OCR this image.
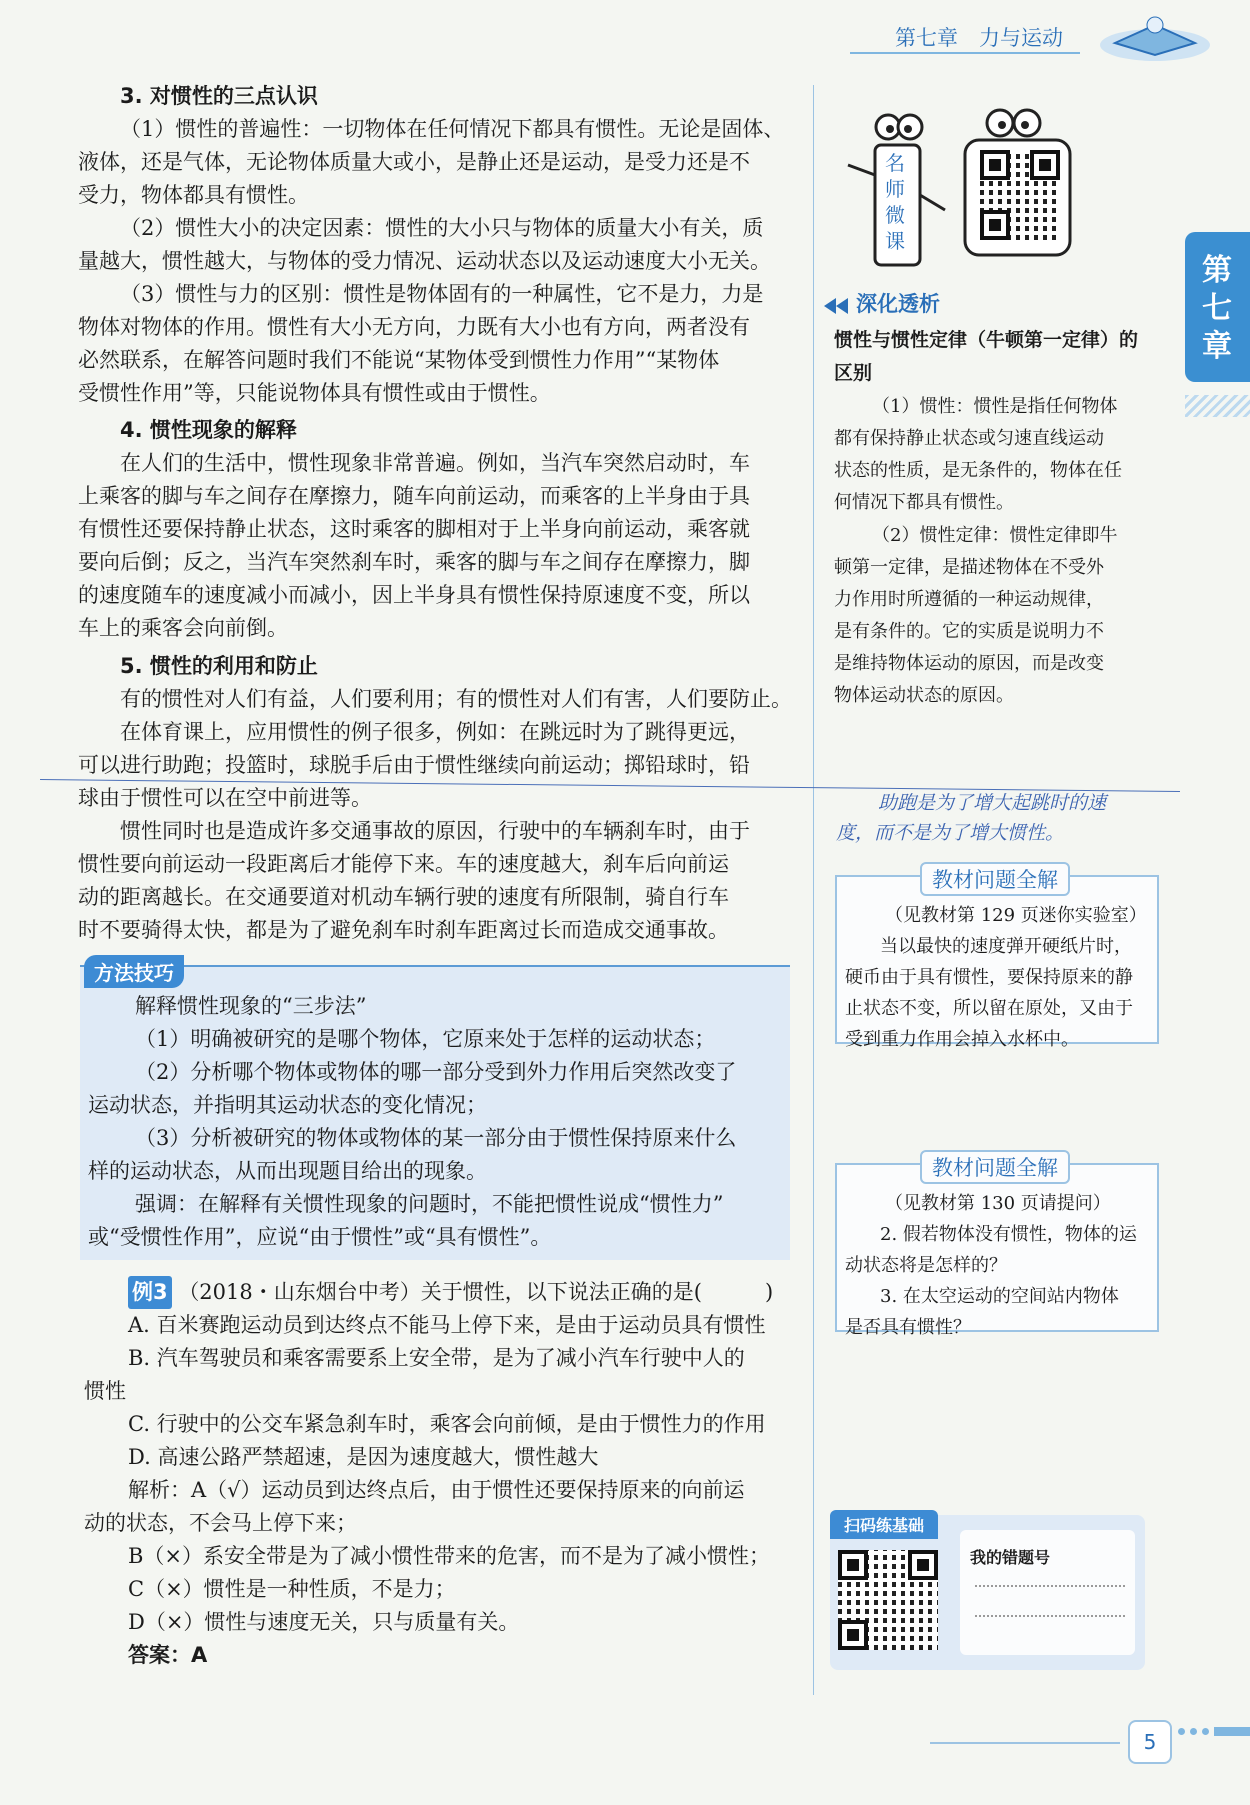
第七章　力与运动
第
七
章
3. 对惯性的三点认识
（1）惯性的普遍性：一切物体在任何情况下都具有惯性。无论是固体、
液体，还是气体，无论物体质量大或小，是静止还是运动，是受力还是不
受力，物体都具有惯性。
（2）惯性大小的决定因素：惯性的大小只与物体的质量大小有关，质
量越大，惯性越大，与物体的受力情况、运动状态以及运动速度大小无关。
（3）惯性与力的区别：惯性是物体固有的一种属性，它不是力，力是
物体对物体的作用。惯性有大小无方向，力既有大小也有方向，两者没有
必然联系，在解答问题时我们不能说“某物体受到惯性力作用”“某物体
受惯性作用”等，只能说物体具有惯性或由于惯性。
4. 惯性现象的解释
在人们的生活中，惯性现象非常普遍。例如，当汽车突然启动时，车
上乘客的脚与车之间存在摩擦力，随车向前运动，而乘客的上半身由于具
有惯性还要保持静止状态，这时乘客的脚相对于上半身向前运动，乘客就
要向后倒；反之，当汽车突然刹车时，乘客的脚与车之间存在摩擦力，脚
的速度随车的速度减小而减小，因上半身具有惯性保持原速度不变，所以
车上的乘客会向前倒。
5. 惯性的利用和防止
有的惯性对人们有益，人们要利用；有的惯性对人们有害，人们要防止。
在体育课上，应用惯性的例子很多，例如：在跳远时为了跳得更远，
可以进行助跑；投篮时，球脱手后由于惯性继续向前运动；掷铅球时，铅
球由于惯性可以在空中前进等。
惯性同时也是造成许多交通事故的原因，行驶中的车辆刹车时，由于
惯性要向前运动一段距离后才能停下来。车的速度越大，刹车后向前运
动的距离越长。在交通要道对机动车辆行驶的速度有所限制，骑自行车
时不要骑得太快，都是为了避免刹车时刹车距离过长而造成交通事故。
方法技巧
解释惯性现象的“三步法”
（1）明确被研究的是哪个物体，它原来处于怎样的运动状态；
（2）分析哪个物体或物体的哪一部分受到外力作用后突然改变了
运动状态，并指明其运动状态的变化情况；
（3）分析被研究的物体或物体的某一部分由于惯性保持原来什么
样的运动状态，从而出现题目给出的现象。
强调：在解释有关惯性现象的问题时，不能把惯性说成“惯性力”
或“受惯性作用”，应说“由于惯性”或“具有惯性”。
例3 （2018・山东烟台中考）关于惯性，以下说法正确的是(　　　)
A. 百米赛跑运动员到达终点不能马上停下来，是由于运动员具有惯性
B. 汽车驾驶员和乘客需要系上安全带，是为了减小汽车行驶中人的
惯性
C. 行驶中的公交车紧急刹车时，乘客会向前倾，是由于惯性力的作用
D. 高速公路严禁超速，是因为速度越大，惯性越大
解析：A（√）运动员到达终点后，由于惯性还要保持原来的向前运
动的状态，不会马上停下来；
B（×）系安全带是为了减小惯性带来的危害，而不是为了减小惯性；
C（×）惯性是一种性质，不是力；
D（×）惯性与速度无关，只与质量有关。
答案：A
名
师
微
课
深化透析
惯性与惯性定律（牛顿第一定律）的
区别
（1）惯性：惯性是指任何物体
都有保持静止状态或匀速直线运动
状态的性质，是无条件的，物体在任
何情况下都具有惯性。
（2）惯性定律：惯性定律即牛
顿第一定律，是描述物体在不受外
力作用时所遵循的一种运动规律，
是有条件的。它的实质是说明力不
是维持物体运动的原因，而是改变
物体运动状态的原因。
助跑是为了增大起跳时的速
度，而不是为了增大惯性。
教材问题全解
（见教材第 129 页迷你实验室）
当以最快的速度弹开硬纸片时，
硬币由于具有惯性，要保持原来的静
止状态不变，所以留在原处，又由于
受到重力作用会掉入水杯中。
教材问题全解
（见教材第 130 页请提问）
2. 假若物体没有惯性，物体的运
动状态将是怎样的？
3. 在太空运动的空间站内物体
是否具有惯性？
扫码练基础
我的错题号
5
